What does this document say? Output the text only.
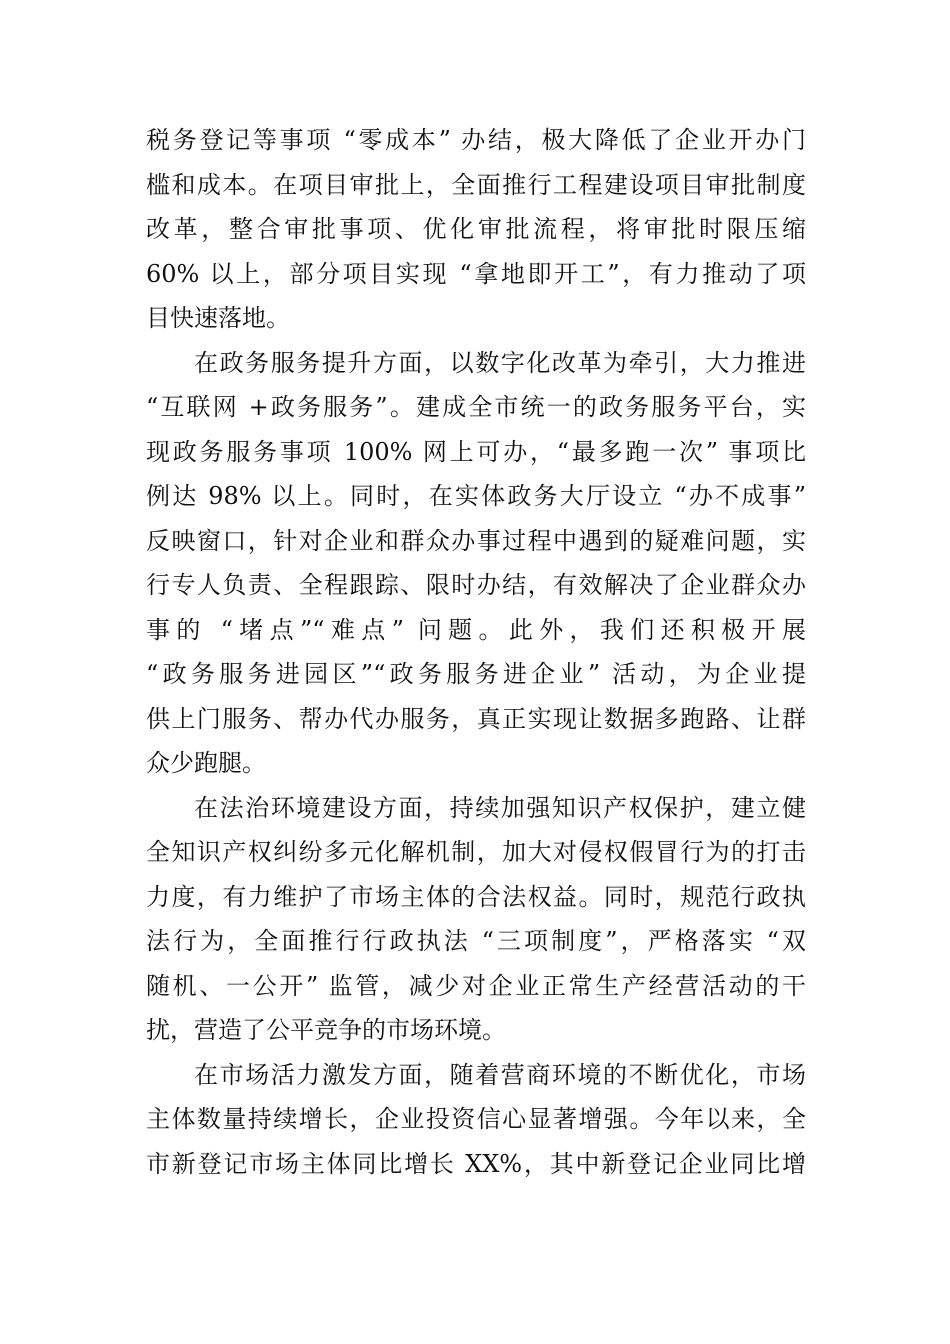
税务登记等事项 “零成本” 办结，极大降低了企业开办门
槛和成本。在项目审批上，全面推行工程建设项目审批制度
改革，整合审批事项、优化审批流程，将审批时限压缩
60% 以上，部分项目实现 “拿地即开工”，有力推动了项
目快速落地。
在政务服务提升方面，以数字化改革为牵引，大力推进
“互联网 +政务服务”。建成全市统一的政务服务平台，实
现政务服务事项 100% 网上可办，“最多跑一次” 事项比
例达 98% 以上。同时，在实体政务大厅设立 “办不成事”
反映窗口，针对企业和群众办事过程中遇到的疑难问题，实
行专人负责、全程跟踪、限时办结，有效解决了企业群众办
事的 “堵点”“难点” 问题。此外，我们还积极开展
“政务服务进园区”“政务服务进企业” 活动，为企业提
供上门服务、帮办代办服务，真正实现让数据多跑路、让群
众少跑腿。
在法治环境建设方面，持续加强知识产权保护，建立健
全知识产权纠纷多元化解机制，加大对侵权假冒行为的打击
力度，有力维护了市场主体的合法权益。同时，规范行政执
法行为，全面推行行政执法 “三项制度”，严格落实 “双
随机、一公开” 监管，减少对企业正常生产经营活动的干
扰，营造了公平竞争的市场环境。
在市场活力激发方面，随着营商环境的不断优化，市场
主体数量持续增长，企业投资信心显著增强。今年以来，全
市新登记市场主体同比增长 XX%，其中新登记企业同比增
